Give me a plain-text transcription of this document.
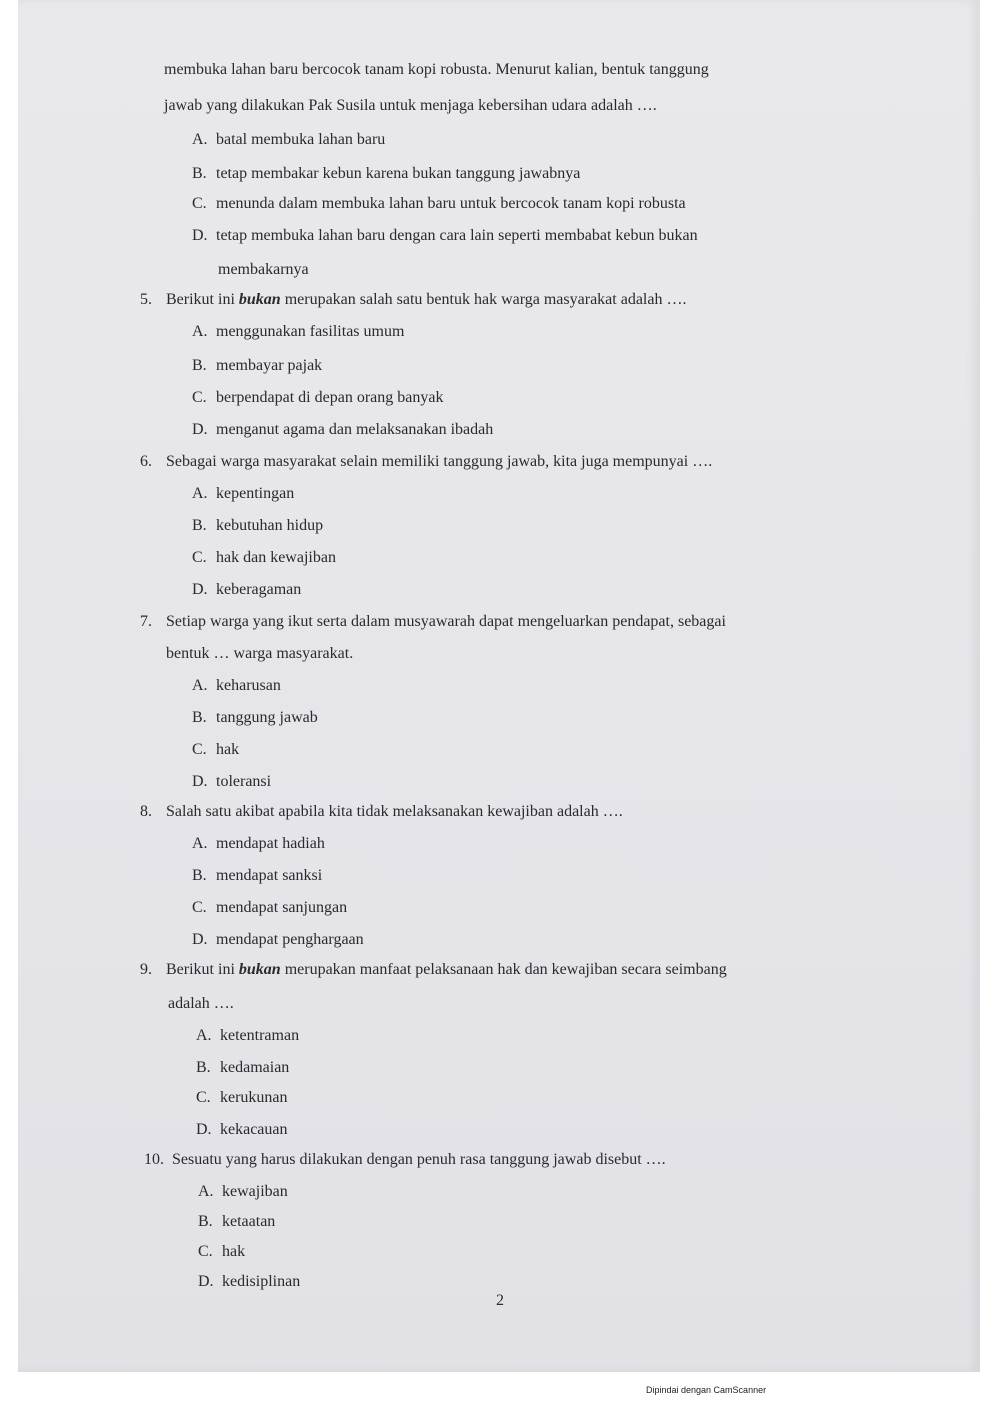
membuka lahan baru bercocok tanam kopi robusta. Menurut kalian, bentuk tanggung
jawab yang dilakukan Pak Susila untuk menjaga kebersihan udara adalah ….
A. batal membuka lahan baru
B. tetap membakar kebun karena bukan tanggung jawabnya
C. menunda dalam membuka lahan baru untuk bercocok tanam kopi robusta
D. tetap membuka lahan baru dengan cara lain seperti membabat kebun bukan
membakarnya
5. Berikut ini bukan merupakan salah satu bentuk hak warga masyarakat adalah ….
A. menggunakan fasilitas umum
B. membayar pajak
C. berpendapat di depan orang banyak
D. menganut agama dan melaksanakan ibadah
6. Sebagai warga masyarakat selain memiliki tanggung jawab, kita juga mempunyai ….
A. kepentingan
B. kebutuhan hidup
C. hak dan kewajiban
D. keberagaman
7. Setiap warga yang ikut serta dalam musyawarah dapat mengeluarkan pendapat, sebagai
bentuk … warga masyarakat.
A. keharusan
B. tanggung jawab
C. hak
D. toleransi
8. Salah satu akibat apabila kita tidak melaksanakan kewajiban adalah ….
A. mendapat hadiah
B. mendapat sanksi
C. mendapat sanjungan
D. mendapat penghargaan
9. Berikut ini bukan merupakan manfaat pelaksanaan hak dan kewajiban secara seimbang
adalah ….
A. ketentraman
B. kedamaian
C. kerukunan
D. kekacauan
10. Sesuatu yang harus dilakukan dengan penuh rasa tanggung jawab disebut ….
A. kewajiban
B. ketaatan
C. hak
D. kedisiplinan
2
Dipindai dengan CamScanner
